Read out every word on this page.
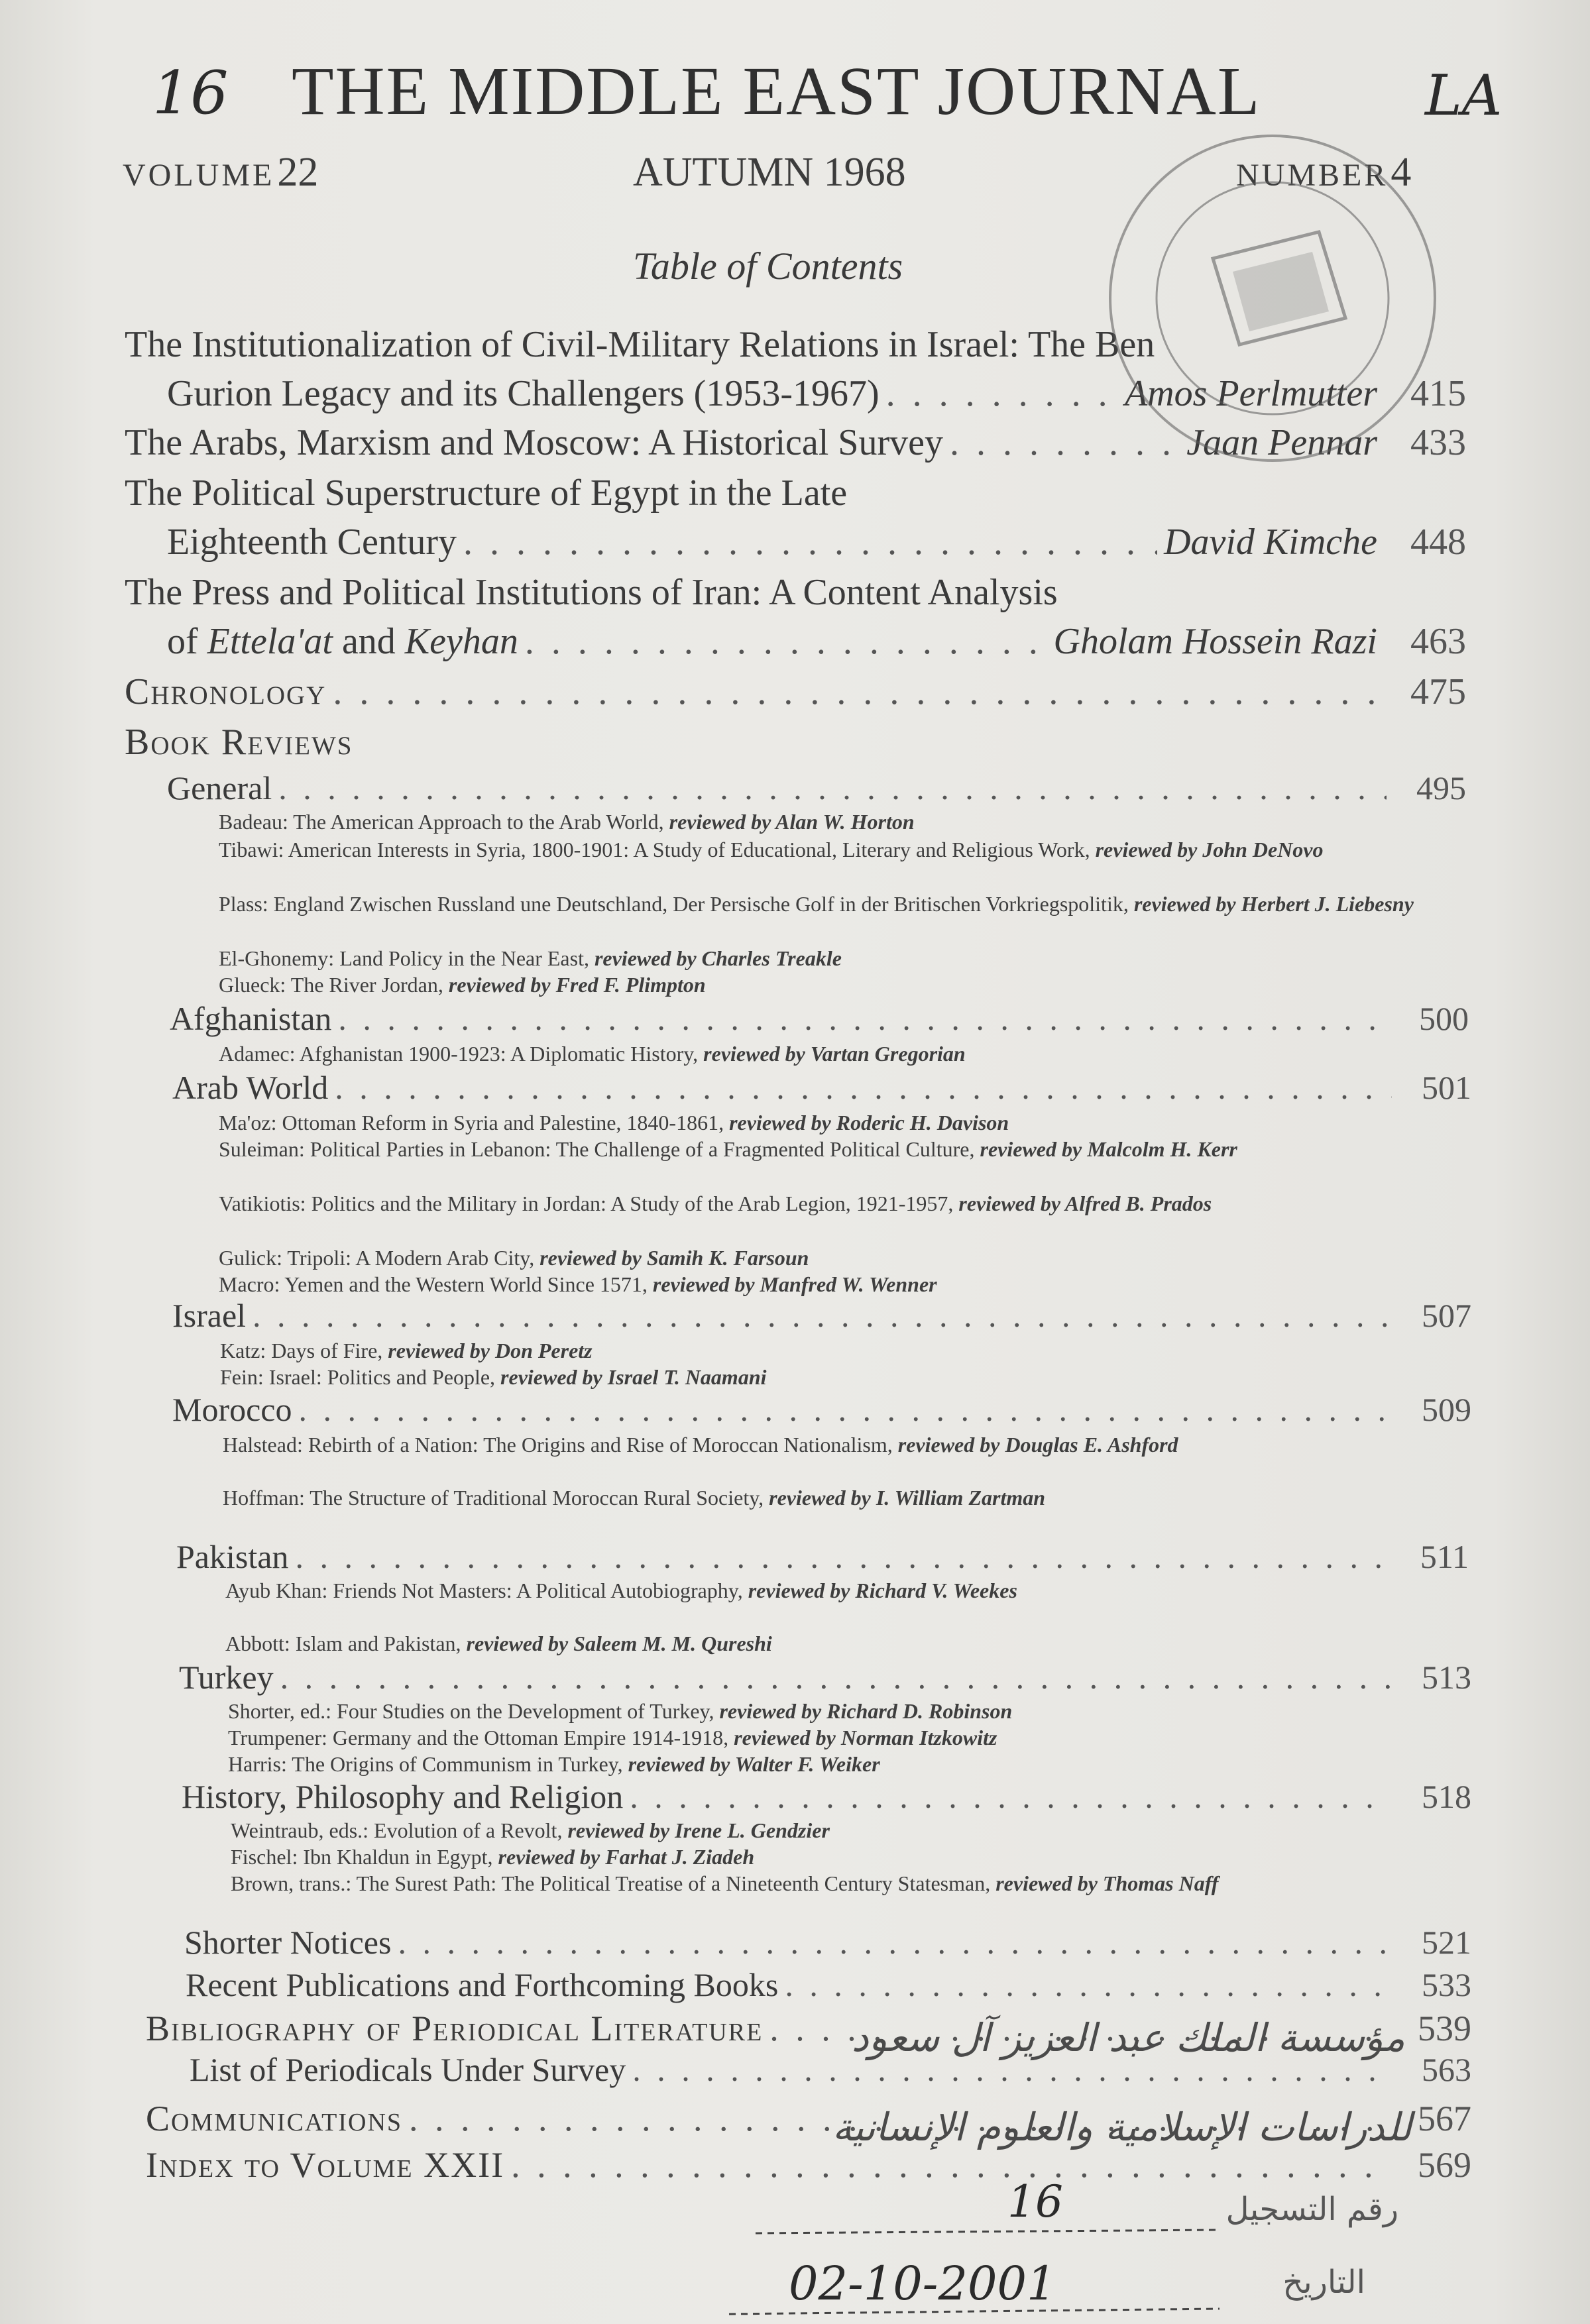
16	LA
THE MIDDLE EAST JOURNAL
VOLUME 22	AUTUMN 1968	NUMBER 4
Table of Contents
The Institutionalization of Civil-Military Relations in Israel: The Ben
Gurion Legacy and its Challengers (1953-1967) . . .	Amos Perlmutter 415
The Arabs, Marxism and Moscow: A Historical Survey . . .	Jaan Pennar 433
The Political Superstructure of Egypt in the Late
Eighteenth Century . . .	David Kimche 448
The Press and Political Institutions of Iran: A Content Analysis
of Ettela'at and Keyhan . . .	Gholam Hossein Razi 463
Chronology . . .	475
Book Reviews
General . . .	495
Badeau: The American Approach to the Arab World, reviewed by Alan W. Horton
Tibawi: American Interests in Syria, 1800-1901: A Study of Educational, Literary and Religious Work, reviewed by John DeNovo
Plass: England Zwischen Russland une Deutschland, Der Persische Golf in der Britischen Vorkriegspolitik, reviewed by Herbert J. Liebesny
El-Ghonemy: Land Policy in the Near East, reviewed by Charles Treakle
Glueck: The River Jordan, reviewed by Fred F. Plimpton
Afghanistan . . .	500
Adamec: Afghanistan 1900-1923: A Diplomatic History, reviewed by Vartan Gregorian
Arab World . . .	501
Ma'oz: Ottoman Reform in Syria and Palestine, 1840-1861, reviewed by Roderic H. Davison
Suleiman: Political Parties in Lebanon: The Challenge of a Fragmented Political Culture, reviewed by Malcolm H. Kerr
Vatikiotis: Politics and the Military in Jordan: A Study of the Arab Legion, 1921-1957, reviewed by Alfred B. Prados
Gulick: Tripoli: A Modern Arab City, reviewed by Samih K. Farsoun
Macro: Yemen and the Western World Since 1571, reviewed by Manfred W. Wenner
Israel . . .	507
Katz: Days of Fire, reviewed by Don Peretz
Fein: Israel: Politics and People, reviewed by Israel T. Naamani
Morocco . . .	509
Halstead: Rebirth of a Nation: The Origins and Rise of Moroccan Nationalism, reviewed by Douglas E. Ashford
Hoffman: The Structure of Traditional Moroccan Rural Society, reviewed by I. William Zartman
Pakistan . . .	511
Ayub Khan: Friends Not Masters: A Political Autobiography, reviewed by Richard V. Weekes
Abbott: Islam and Pakistan, reviewed by Saleem M. M. Qureshi
Turkey . . .	513
Shorter, ed.: Four Studies on the Development of Turkey, reviewed by Richard D. Robinson
Trumpener: Germany and the Ottoman Empire 1914-1918, reviewed by Norman Itzkowitz
Harris: The Origins of Communism in Turkey, reviewed by Walter F. Weiker
History, Philosophy and Religion . . .	518
Weintraub, eds.: Evolution of a Revolt, reviewed by Irene L. Gendzier
Fischel: Ibn Khaldun in Egypt, reviewed by Farhat J. Ziadeh
Brown, trans.: The Surest Path: The Political Treatise of a Nineteenth Century Statesman, reviewed by Thomas Naff
Shorter Notices . . .	521
Recent Publications and Forthcoming Books . . .	533
Bibliography of Periodical Literature . . .	539
List of Periodicals Under Survey . . .	563
Communications . . .	567
Index to Volume XXII . . .	569
مؤسسة الملك عبد العزيز آل سعود
للدراسات الإسلامية والعلوم الإنسانية
رقم التسجيل
16
التاريخ
02-10-2001
